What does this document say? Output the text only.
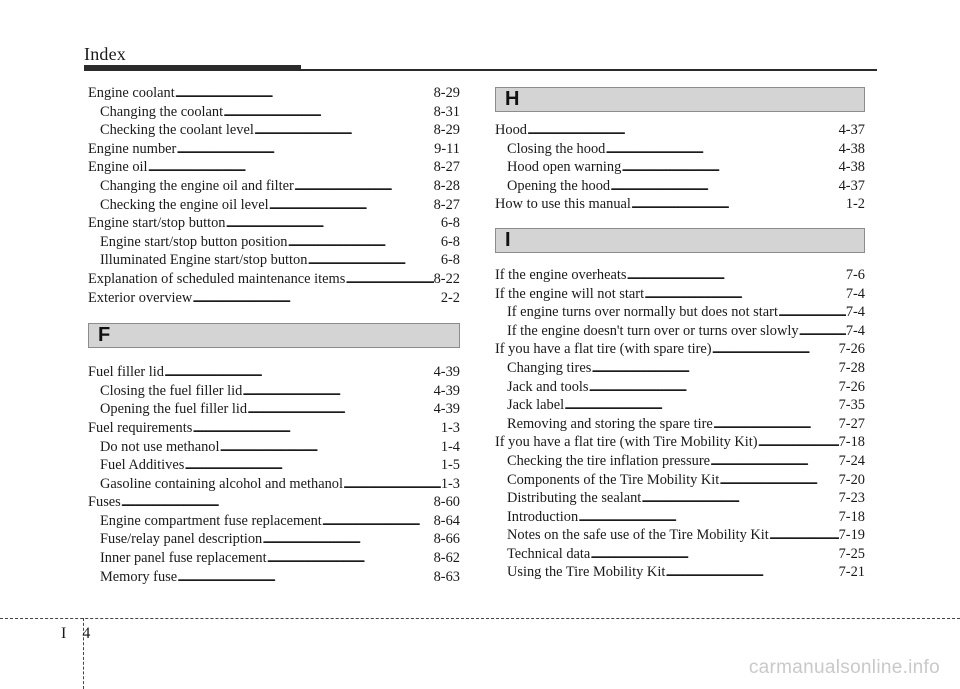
Index
Engine coolant . . .	8-29
Changing the coolant . . .	8-31
Checking the coolant level . . .	8-29
Engine number . . .	9-11
Engine oil . . .	8-27
Changing the engine oil and filter . . .	8-28
Checking the engine oil level . . .	8-27
Engine start/stop button . . .	6-8
Engine start/stop button position . . .	6-8
Illuminated Engine start/stop button . . .	6-8
Explanation of scheduled maintenance items . . .	8-22
Exterior overview . . .	2-2
F
Fuel filler lid . . .	4-39
Closing the fuel filler lid . . .	4-39
Opening the fuel filler lid . . .	4-39
Fuel requirements . . .	1-3
Do not use methanol . . .	1-4
Fuel Additives . . .	1-5
Gasoline containing alcohol and methanol . . .	1-3
Fuses . . .	8-60
Engine compartment fuse replacement . . .	8-64
Fuse/relay panel description . . .	8-66
Inner panel fuse replacement . . .	8-62
Memory fuse . . .	8-63
H
Hood . . .	4-37
Closing the hood . . .	4-38
Hood open warning . . .	4-38
Opening the hood . . .	4-37
How to use this manual . . .	1-2
I
If the engine overheats . . .	7-6
If the engine will not start . . .	7-4
If engine turns over normally but does not start . . .	7-4
If the engine doesn't turn over or turns over slowly . . .	7-4
If you have a flat tire (with spare tire) . . .	7-26
Changing tires . . .	7-28
Jack and tools . . .	7-26
Jack label . . .	7-35
Removing and storing the spare tire . . .	7-27
If you have a flat tire (with Tire Mobility Kit) . . .	7-18
Checking the tire inflation pressure . . .	7-24
Components of the Tire Mobility Kit . . .	7-20
Distributing the sealant . . .	7-23
Introduction . . .	7-18
Notes on the safe use of the Tire Mobility Kit . . .	7-19
Technical data . . .	7-25
Using the Tire Mobility Kit . . .	7-21
I 4
carmanualsonline.info
